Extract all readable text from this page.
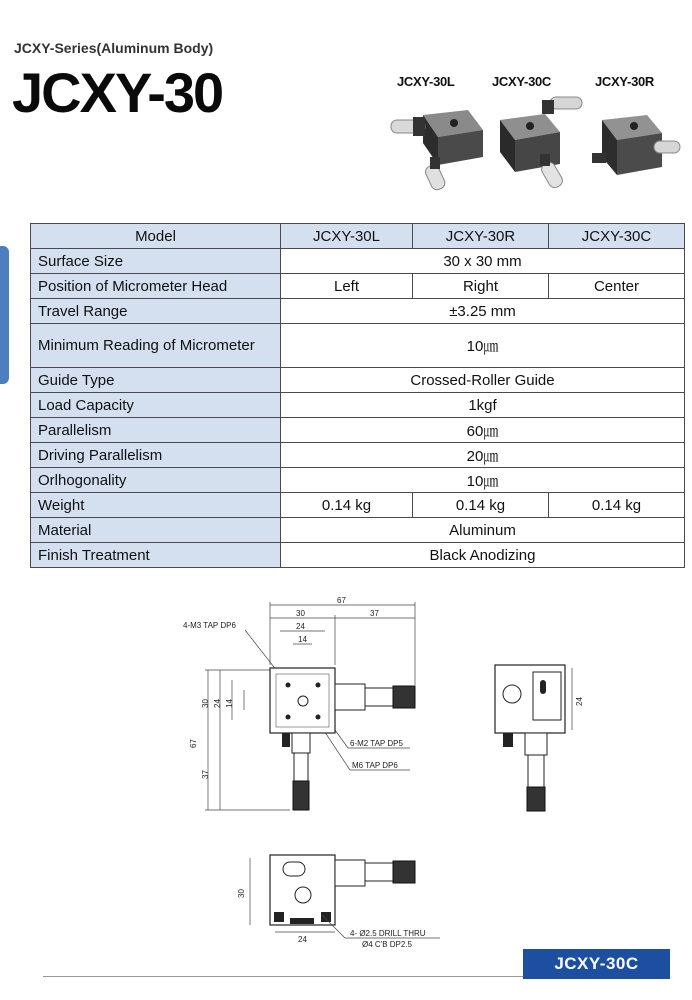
JCXY-Series(Aluminum Body)
JCXY-30	JCXY-30L	JCXY-30C	JCXY-30R
Model	JCXY-30L	JCXY-30R	JCXY-30C
Surface Size	30 x 30 mm		
Position of Micrometer Head	Left	Right	Center
Travel Range	±3.25 mm		
Minimum Reading of Micrometer	10㎛		
Guide Type	Crossed-Roller Guide		
Load Capacity	1kgf		
Parallelism	60㎛		
Driving Parallelism	20㎛		
Orlhogonality	10㎛		
Weight	0.14 kg	0.14 kg	0.14 kg
Material	Aluminum		
Finish Treatment	Black Anodizing		
67
30	37
24
14
30 24 14
67
37
4-M3 TAP DP6
6-M2 TAP DP5
M6 TAP DP6
24
30
24
4- Ø2.5 DRILL THRU
Ø4 C'B DP2.5
JCXY-30C
